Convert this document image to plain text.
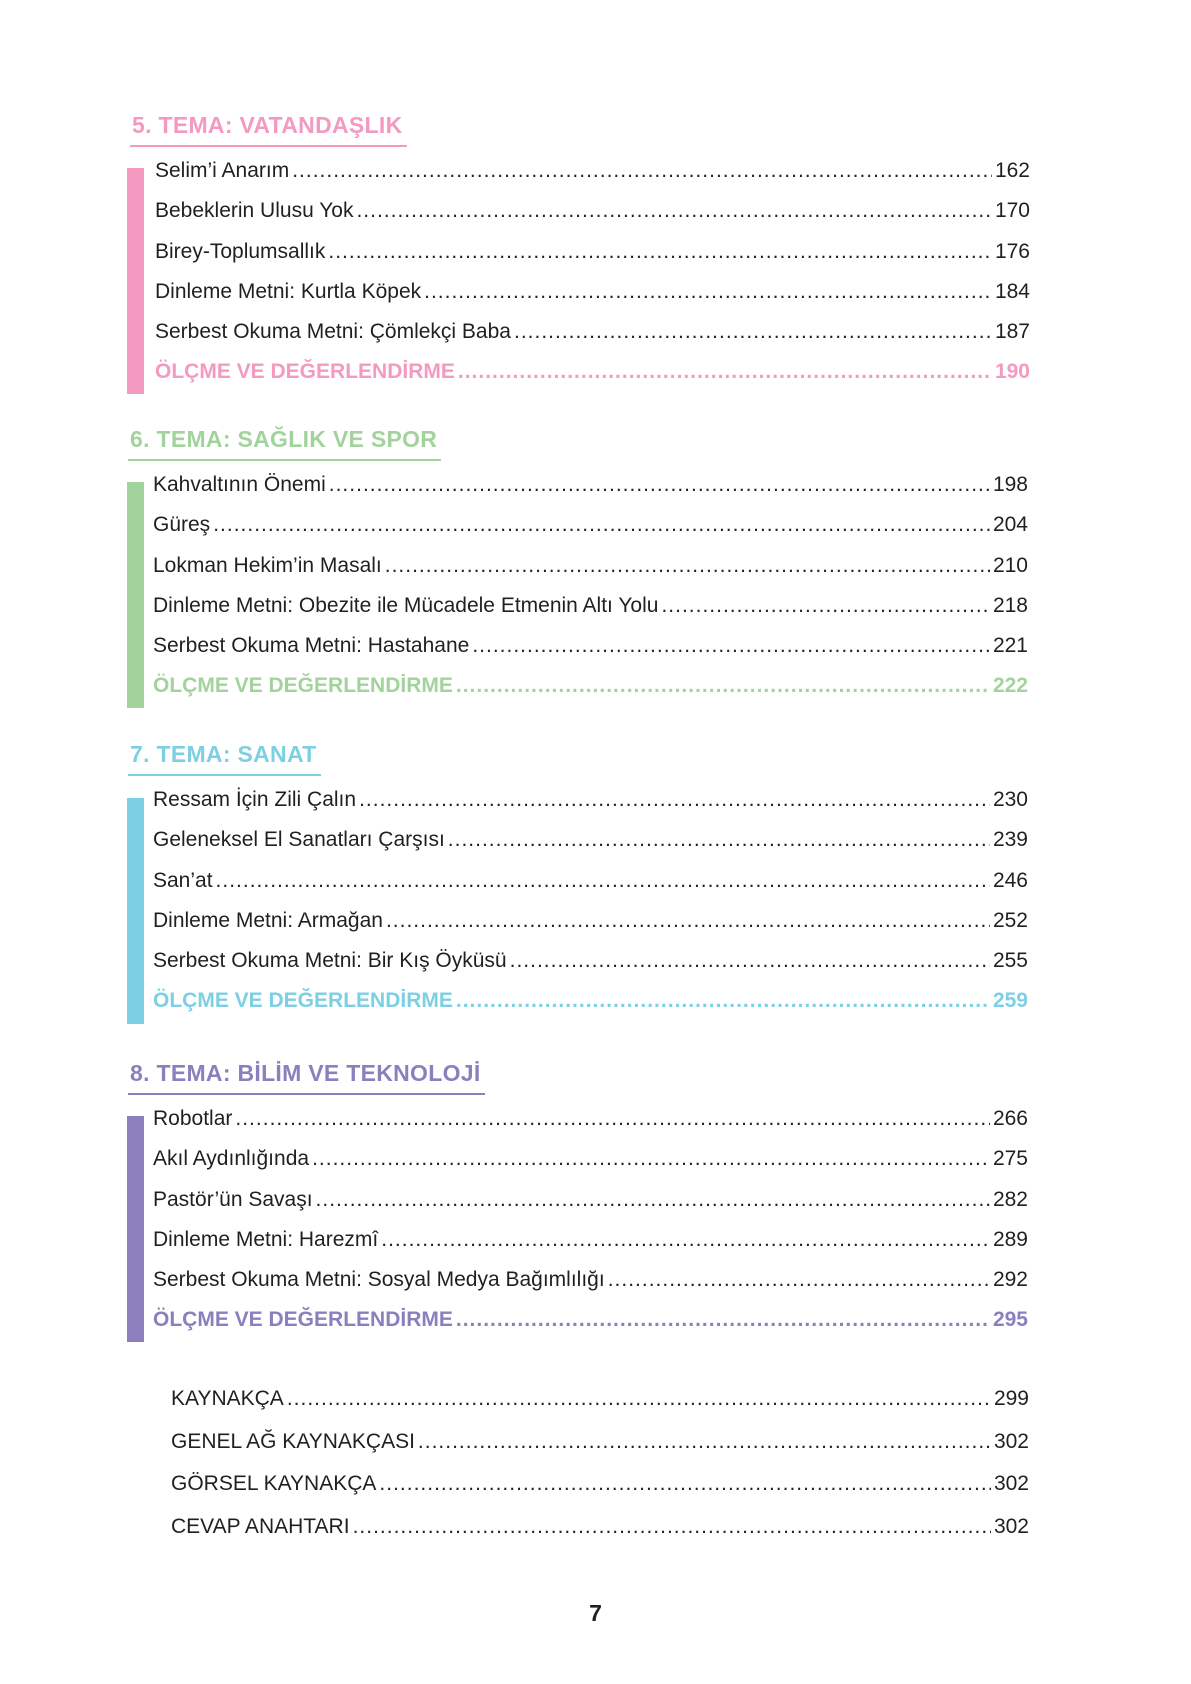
5. TEMA: VATANDAŞLIK
Selim’i Anarım .....	162
Bebeklerin Ulusu Yok .....	170
Birey-Toplumsallık .....	176
Dinleme Metni: Kurtla Köpek .....	184
Serbest Okuma Metni: Çömlekçi Baba .....	187
ÖLÇME VE DEĞERLENDİRME .....	190
6. TEMA: SAĞLIK VE SPOR
Kahvaltının Önemi .....	198
Güreş .....	204
Lokman Hekim’in Masalı .....	210
Dinleme Metni: Obezite ile Mücadele Etmenin Altı Yolu .....	218
Serbest Okuma Metni: Hastahane .....	221
ÖLÇME VE DEĞERLENDİRME .....	222
7. TEMA: SANAT
Ressam İçin Zili Çalın .....	230
Geleneksel El Sanatları Çarşısı .....	239
San’at .....	246
Dinleme Metni: Armağan .....	252
Serbest Okuma Metni: Bir Kış Öyküsü .....	255
ÖLÇME VE DEĞERLENDİRME .....	259
8. TEMA: BİLİM VE TEKNOLOJİ
Robotlar .....	266
Akıl Aydınlığında .....	275
Pastör’ün Savaşı .....	282
Dinleme Metni: Harezmî .....	289
Serbest Okuma Metni: Sosyal Medya Bağımlılığı .....	292
ÖLÇME VE DEĞERLENDİRME .....	295
KAYNAKÇA .....	299
GENEL AĞ KAYNAKÇASI .....	302
GÖRSEL KAYNAKÇA .....	302
CEVAP ANAHTARI .....	302
7
